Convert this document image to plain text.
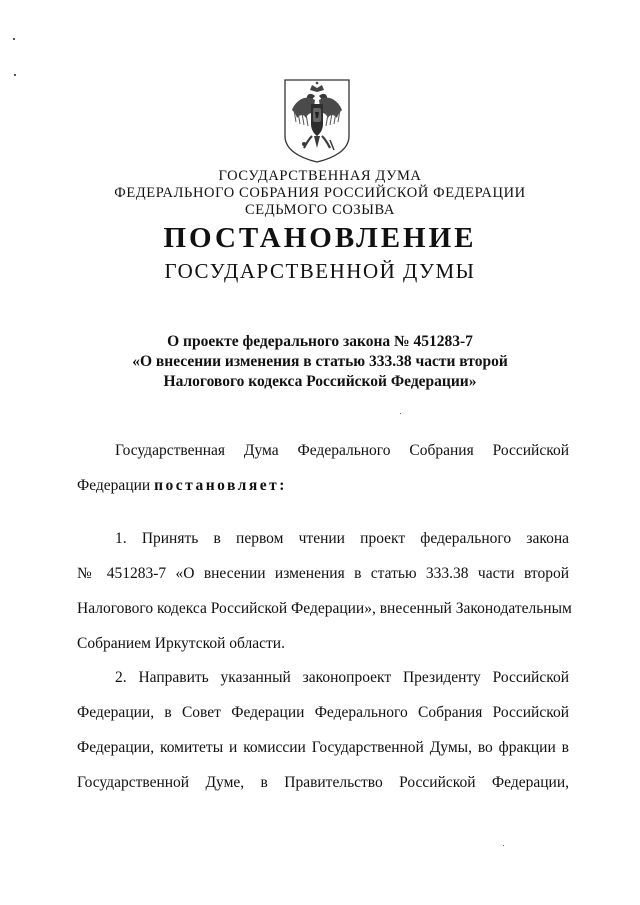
ГОСУДАРСТВЕННАЯ ДУМА
ФЕДЕРАЛЬНОГО СОБРАНИЯ РОССИЙСКОЙ ФЕДЕРАЦИИ
СЕДЬМОГО СОЗЫВА
ПОСТАНОВЛЕНИЕ
ГОСУДАРСТВЕННОЙ ДУМЫ
О проекте федерального закона № 451283-7
«О внесении изменения в статью 333.38 части второй
Налогового кодекса Российской Федерации»
Государственная Дума Федерального Собрания Российской
Федерации постановляет:
1. Принять в первом чтении проект федерального закона
№ 451283-7 «О внесении изменения в статью 333.38 части второй
Налогового кодекса Российской Федерации», внесенный Законодательным
Собранием Иркутской области.
2. Направить указанный законопроект Президенту Российской
Федерации, в Совет Федерации Федерального Собрания Российской
Федерации, комитеты и комиссии Государственной Думы, во фракции в
Государственной Думе, в Правительство Российской Федерации,
